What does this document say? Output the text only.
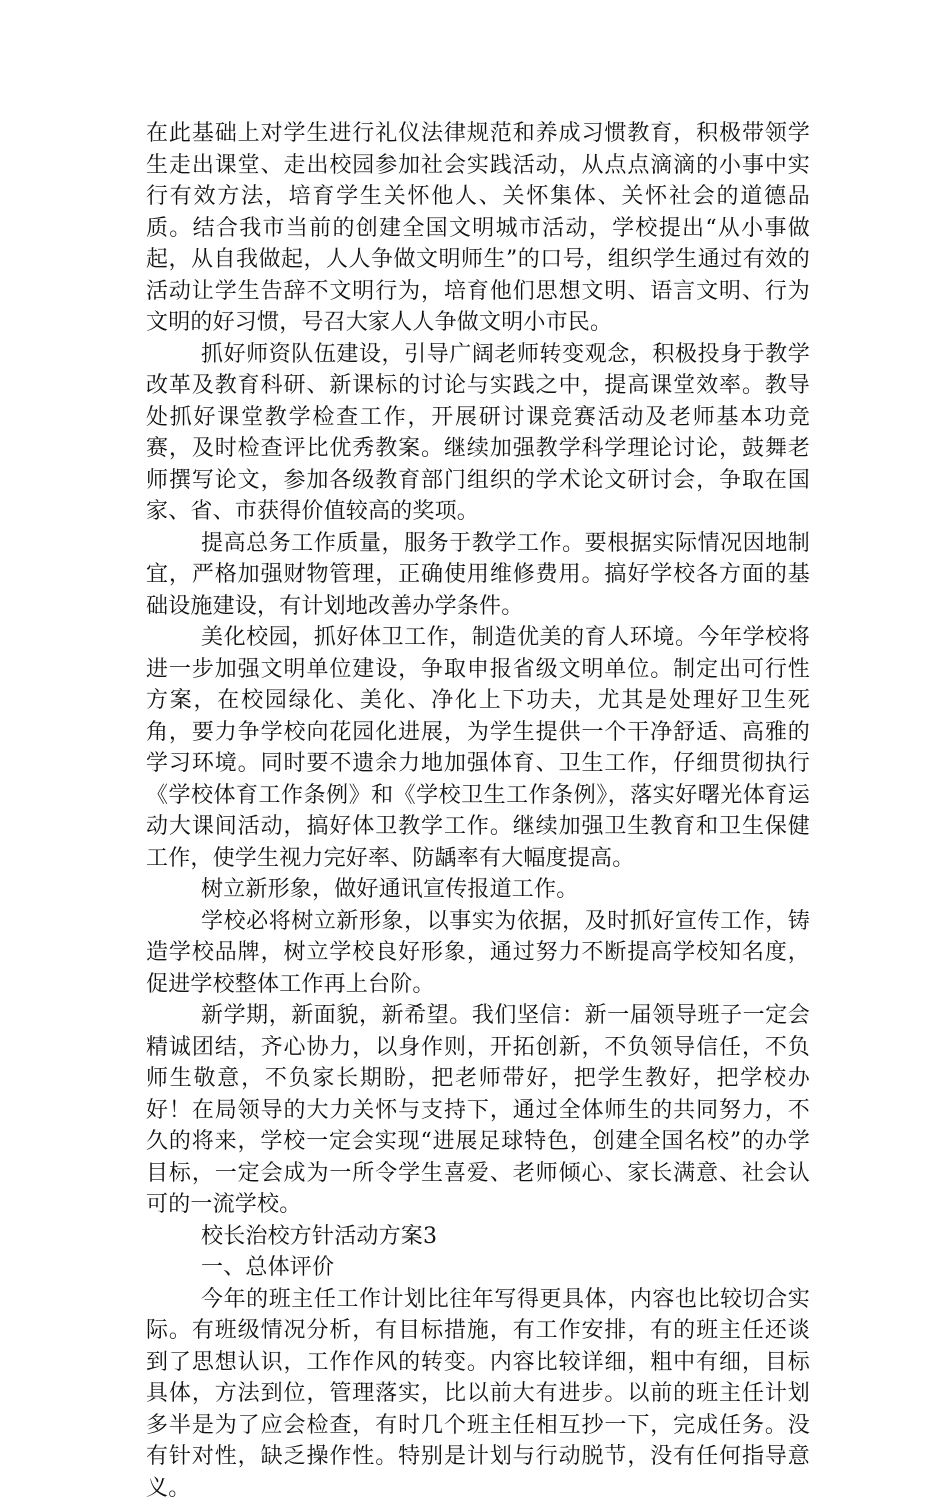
在此基础上对学生进行礼仪法律规范和养成习惯教育，积极带领学生走出课堂、走出校园参加社会实践活动，从点点滴滴的小事中实行有效方法，培育学生关怀他人、关怀集体、关怀社会的道德品质。结合我市当前的创建全国文明城市活动，学校提出“从小事做起，从自我做起，人人争做文明师生”的口号，组织学生通过有效的活动让学生告辞不文明行为，培育他们思想文明、语言文明、行为文明的好习惯，号召大家人人争做文明小市民。

抓好师资队伍建设，引导广阔老师转变观念，积极投身于教学改革及教育科研、新课标的讨论与实践之中，提高课堂效率。教导处抓好课堂教学检查工作，开展研讨课竞赛活动及老师基本功竞赛，及时检查评比优秀教案。继续加强教学科学理论讨论，鼓舞老师撰写论文，参加各级教育部门组织的学术论文研讨会，争取在国家、省、市获得价值较高的奖项。

提高总务工作质量，服务于教学工作。要根据实际情况因地制宜，严格加强财物管理，正确使用维修费用。搞好学校各方面的基础设施建设，有计划地改善办学条件。

美化校园，抓好体卫工作，制造优美的育人环境。今年学校将进一步加强文明单位建设，争取申报省级文明单位。制定出可行性方案，在校园绿化、美化、净化上下功夫，尤其是处理好卫生死角，要力争学校向花园化进展，为学生提供一个干净舒适、高雅的学习环境。同时要不遗余力地加强体育、卫生工作，仔细贯彻执行《学校体育工作条例》和《学校卫生工作条例》，落实好曙光体育运动大课间活动，搞好体卫教学工作。继续加强卫生教育和卫生保健工作，使学生视力完好率、防龋率有大幅度提高。

树立新形象，做好通讯宣传报道工作。

学校必将树立新形象，以事实为依据，及时抓好宣传工作，铸造学校品牌，树立学校良好形象，通过努力不断提高学校知名度，促进学校整体工作再上台阶。

新学期，新面貌，新希望。我们坚信：新一届领导班子一定会精诚团结，齐心协力，以身作则，开拓创新，不负领导信任，不负师生敬意，不负家长期盼，把老师带好，把学生教好，把学校办好！在局领导的大力关怀与支持下，通过全体师生的共同努力，不久的将来，学校一定会实现“进展足球特色，创建全国名校”的办学目标，一定会成为一所令学生喜爱、老师倾心、家长满意、社会认可的一流学校。

校长治校方针活动方案3

一、总体评价

今年的班主任工作计划比往年写得更具体，内容也比较切合实际。有班级情况分析，有目标措施，有工作安排，有的班主任还谈到了思想认识，工作作风的转变。内容比较详细，粗中有细，目标具体，方法到位，管理落实，比以前大有进步。以前的班主任计划多半是为了应会检查，有时几个班主任相互抄一下，完成任务。没有针对性，缺乏操作性。特别是计划与行动脱节，没有任何指导意义。
